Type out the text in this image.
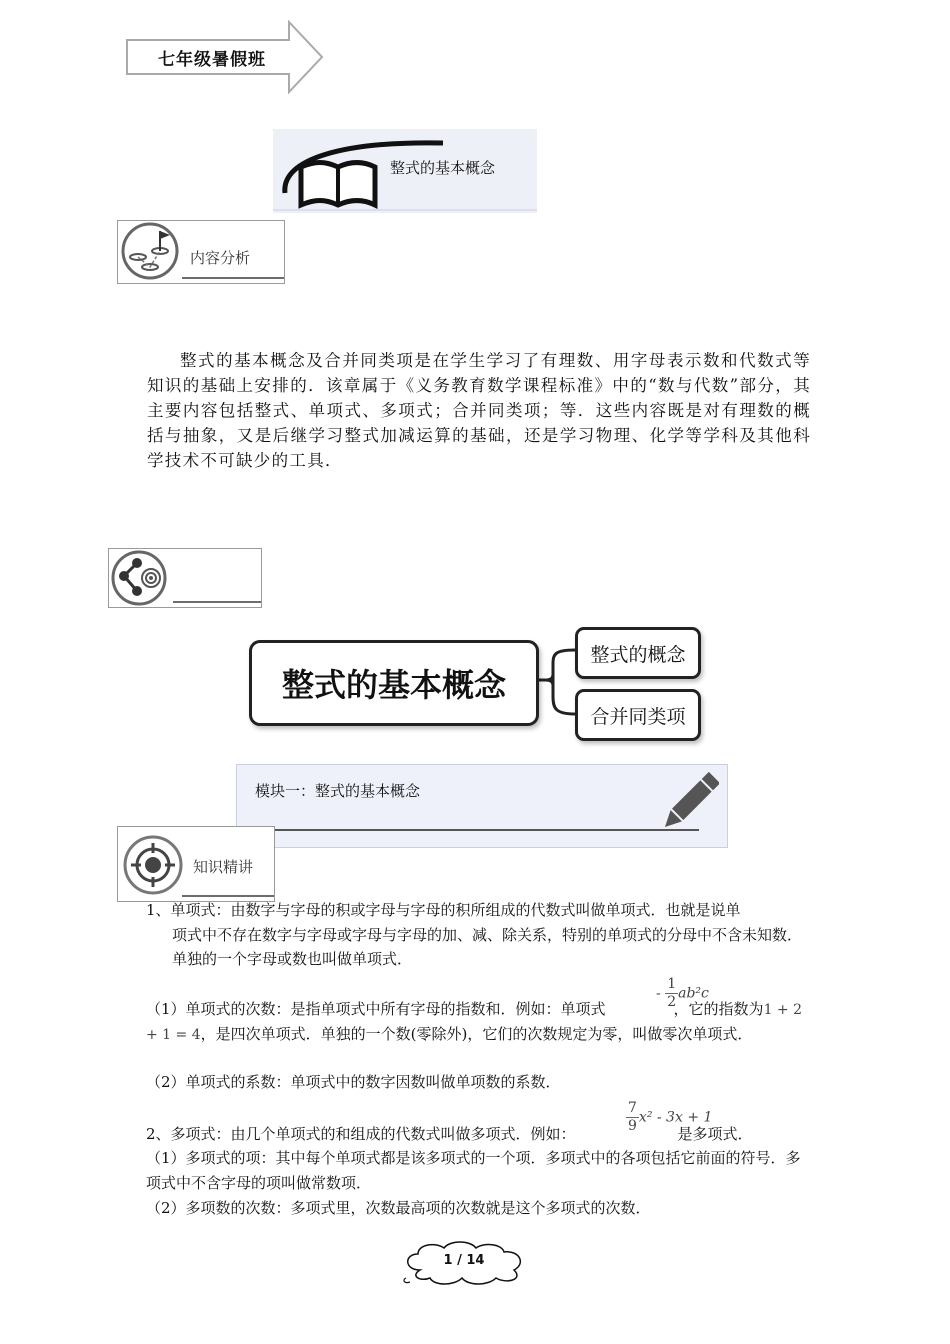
七年级暑假班
整式的基本概念
内容分析
整式的基本概念及合并同类项是在学生学习了有理数、用字母表示数和代数式等知识的基础上安排的．该章属于《义务教育数学课程标准》中的“数与代数”部分，其主要内容包括整式、单项式、多项式；合并同类项；等．这些内容既是对有理数的概括与抽象，又是后继学习整式加减运算的基础，还是学习物理、化学等学科及其他科学技术不可缺少的工具．
整式的基本概念
整式的概念
合并同类项
模块一：整式的基本概念
知识精讲
1、单项式：由数字与字母的积或字母与字母的积所组成的代数式叫做单项式．也就是说单
项式中不存在数字与字母或字母与字母的加、减、除关系，特别的单项式的分母中不含未知数．单独的一个字母或数也叫做单项式．
- $\frac{1}{2} ab^2c$
（1）单项式的次数：是指单项式中所有字母的指数和．例如：单项式	，它的指数为1 + 2 + 1 = 4，是四次单项式．单独的一个数(零除外)，它们的次数规定为零，叫做零次单项式．
（2）单项式的系数：单项式中的数字因数叫做单项数的系数．
$\frac{7}{9} x^2 - 3x + 1$
2、多项式：由几个单项式的和组成的代数式叫做多项式．例如：	是多项式．
（1）多项式的项：其中每个单项式都是该多项式的一个项．多项式中的各项包括它前面的符号．多项式中不含字母的项叫做常数项．
（2）多项数的次数：多项式里，次数最高项的次数就是这个多项式的次数．
1 / 14
